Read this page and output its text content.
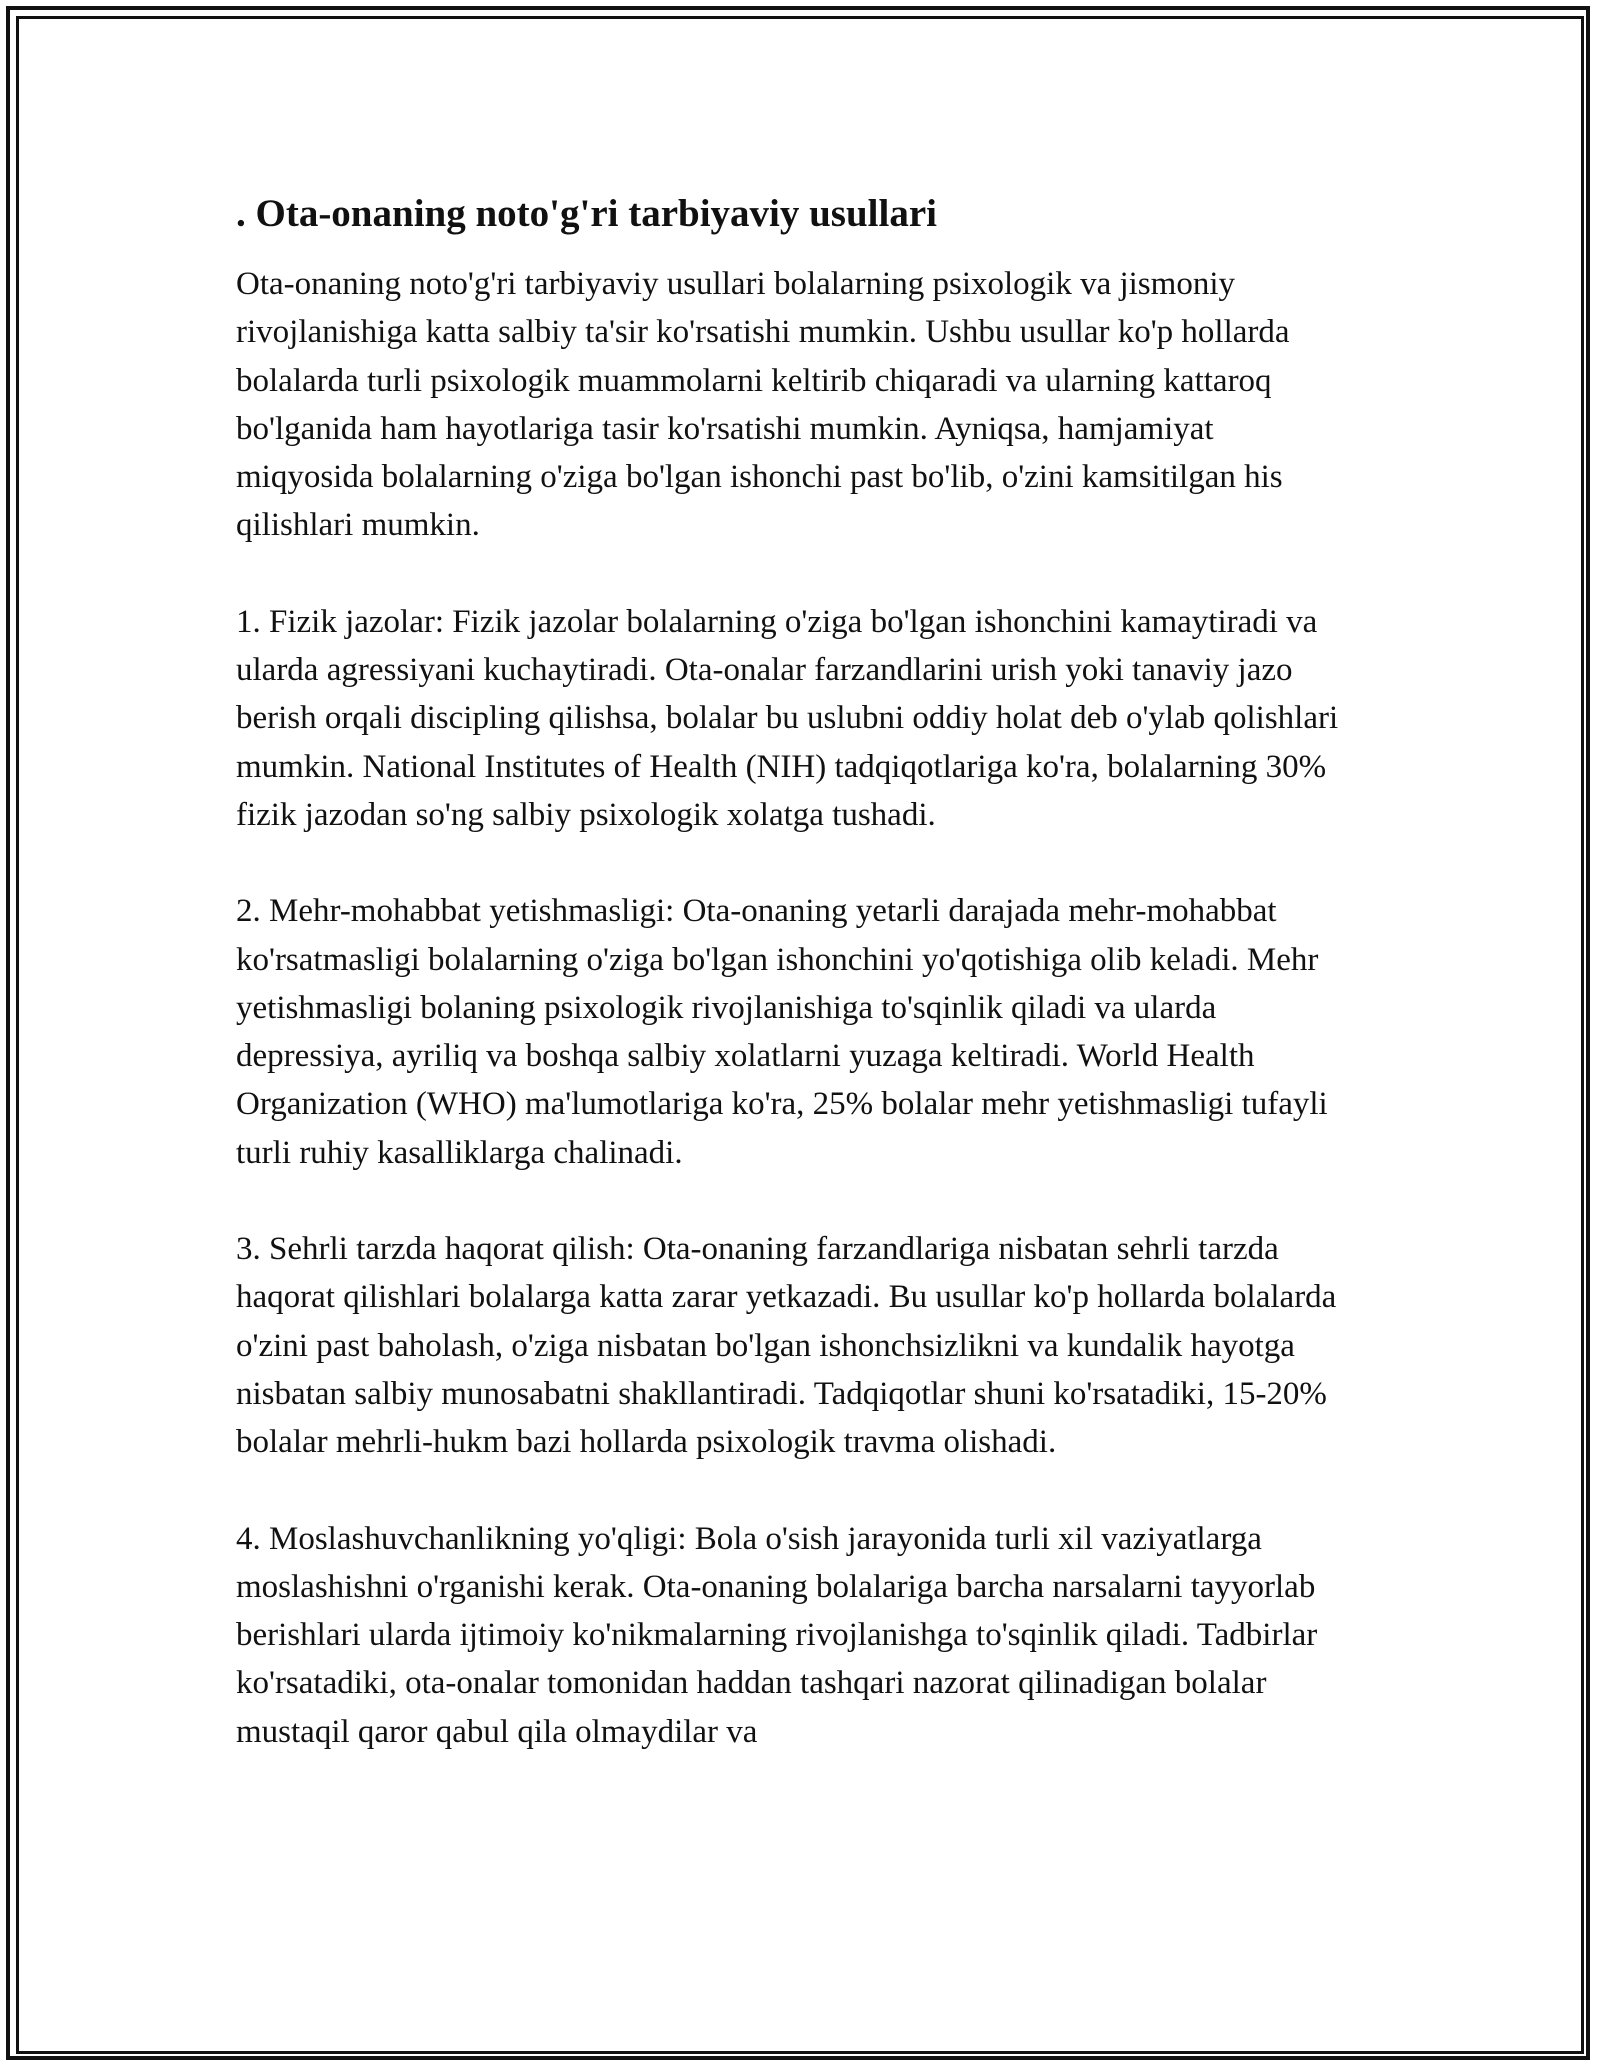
. Ota-onaning noto'g'ri tarbiyaviy usullari

Ota-onaning noto'g'ri tarbiyaviy usullari bolalarning psixologik va jismoniy rivojlanishiga katta salbiy ta'sir ko'rsatishi mumkin. Ushbu usullar ko'p hollarda bolalarda turli psixologik muammolarni keltirib chiqaradi va ularning kattaroq bo'lganida ham hayotlariga tasir ko'rsatishi mumkin. Ayniqsa, hamjamiyat miqyosida bolalarning o'ziga bo'lgan ishonchi past bo'lib, o'zini kamsitilgan his qilishlari mumkin.

1. Fizik jazolar: Fizik jazolar bolalarning o'ziga bo'lgan ishonchini kamaytiradi va ularda agressiyani kuchaytiradi. Ota-onalar farzandlarini urish yoki tanaviy jazo berish orqali discipling qilishsa, bolalar bu uslubni oddiy holat deb o'ylab qolishlari mumkin. National Institutes of Health (NIH) tadqiqotlariga ko'ra, bolalarning 30% fizik jazodan so'ng salbiy psixologik xolatga tushadi.

2. Mehr-mohabbat yetishmasligi: Ota-onaning yetarli darajada mehr-mohabbat ko'rsatmasligi bolalarning o'ziga bo'lgan ishonchini yo'qotishiga olib keladi. Mehr yetishmasligi bolaning psixologik rivojlanishiga to'sqinlik qiladi va ularda depressiya, ayriliq va boshqa salbiy xolatlarni yuzaga keltiradi. World Health Organization (WHO) ma'lumotlariga ko'ra, 25% bolalar mehr yetishmasligi tufayli turli ruhiy kasalliklarga chalinadi.

3. Sehrli tarzda haqorat qilish: Ota-onaning farzandlariga nisbatan sehrli tarzda haqorat qilishlari bolalarga katta zarar yetkazadi. Bu usullar ko'p hollarda bolalarda o'zini past baholash, o'ziga nisbatan bo'lgan ishonchsizlikni va kundalik hayotga nisbatan salbiy munosabatni shakllantiradi. Tadqiqotlar shuni ko'rsatadiki, 15-20% bolalar mehrli-hukm bazi hollarda psixologik travma olishadi.

4. Moslashuvchanlikning yo'qligi: Bola o'sish jarayonida turli xil vaziyatlarga moslashishni o'rganishi kerak. Ota-onaning bolalariga barcha narsalarni tayyorlab berishlari ularda ijtimoiy ko'nikmalarning rivojlanishga to'sqinlik qiladi. Tadbirlar ko'rsatadiki, ota-onalar tomonidan haddan tashqari nazorat qilinadigan bolalar mustaqil qaror qabul qila olmaydilar va
